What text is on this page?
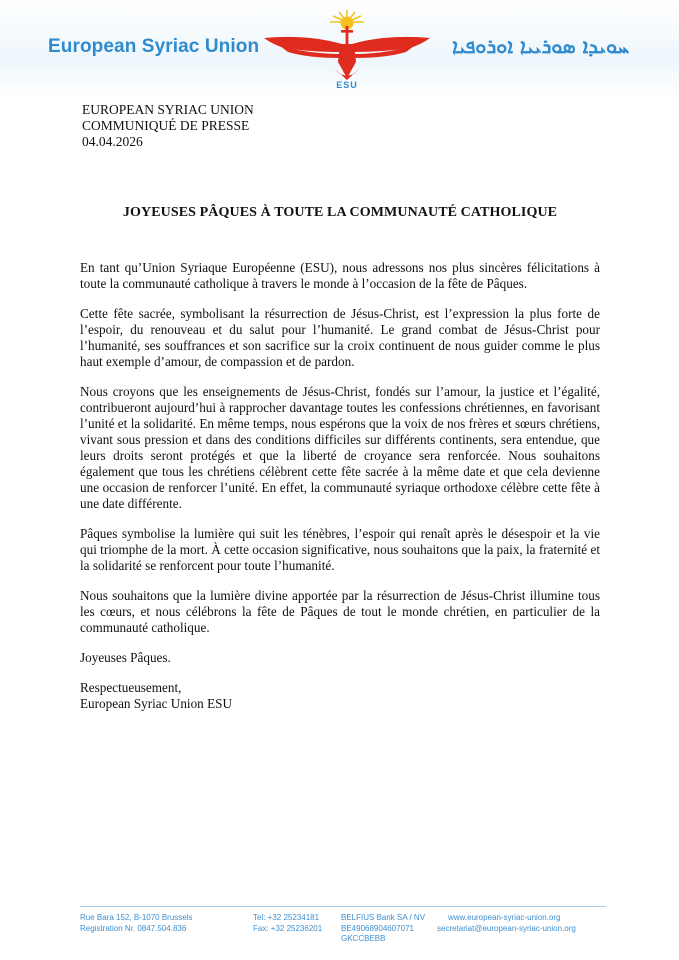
European Syriac Union
ESU
ܚܘܝܕܐ ܣܘܪܝܝܐ ܐܘܪܘܦܝܐ
EUROPEAN SYRIAC UNION
COMMUNIQUÉ DE PRESSE
04.04.2026
JOYEUSES PÂQUES À TOUTE LA COMMUNAUTÉ CATHOLIQUE

En tant qu’Union Syriaque Européenne (ESU), nous adressons nos plus sincères félicitations à toute la communauté catholique à travers le monde à l’occasion de la fête de Pâques.

Cette fête sacrée, symbolisant la résurrection de Jésus-Christ, est l’expression la plus forte de l’espoir, du renouveau et du salut pour l’humanité. Le grand combat de Jésus-Christ pour l’humanité, ses souffrances et son sacrifice sur la croix continuent de nous guider comme le plus haut exemple d’amour, de compassion et de pardon.

Nous croyons que les enseignements de Jésus-Christ, fondés sur l’amour, la justice et l’égalité, contribueront aujourd’hui à rapprocher davantage toutes les confessions chrétiennes, en favorisant l’unité et la solidarité. En même temps, nous espérons que la voix de nos frères et sœurs chrétiens, vivant sous pression et dans des conditions difficiles sur différents continents, sera entendue, que leurs droits seront protégés et que la liberté de croyance sera renforcée. Nous souhaitons également que tous les chrétiens célèbrent cette fête sacrée à la même date et que cela devienne une occasion de renforcer l’unité. En effet, la communauté syriaque orthodoxe célèbre cette fête à une date différente.

Pâques symbolise la lumière qui suit les ténèbres, l’espoir qui renaît après le désespoir et la vie qui triomphe de la mort. À cette occasion significative, nous souhaitons que la paix, la fraternité et la solidarité se renforcent pour toute l’humanité.

Nous souhaitons que la lumière divine apportée par la résurrection de Jésus-Christ illumine tous les cœurs, et nous célébrons la fête de Pâques de tout le monde chrétien, en particulier de la communauté catholique.

Joyeuses Pâques.
Respectueusement,
European Syriac Union ESU
Rue Bara 152, B-1070 Brussels
Registration Nr. 0847.504.836
Tel: +32 25234181
Fax: +32 25236201
BELFIUS Bank SA / NV
BE49068904607071
GKCCBEBB
www.european-syriac-union.org
secretariat@european-syriac-union.org
